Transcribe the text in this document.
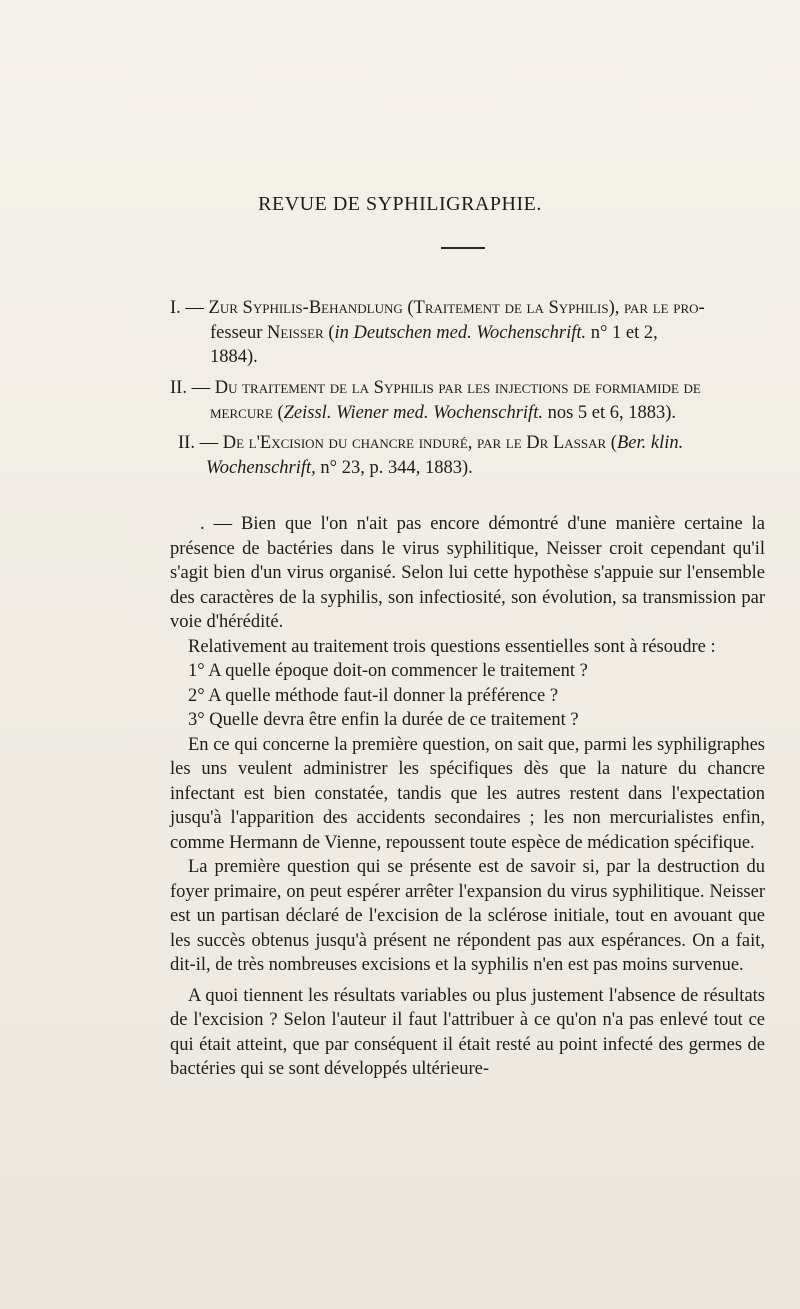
REVUE DE SYPHILIGRAPHIE.
I. — Zur Syphilis-Behandlung (Traitement de la Syphilis), par le pro-
fesseur Neisser (in Deutschen med. Wochenschrift. n° 1 et 2,
1884).
II. — Du traitement de la Syphilis par les injections de formiamide de
mercure (Zeissl. Wiener med. Wochenschrift. nos 5 et 6, 1883).
II. — De l'Excision du chancre induré, par le Dr Lassar (Ber. klin.
Wochenschrift, n° 23, p. 344, 1883).

. — Bien que l'on n'ait pas encore démontré d'une manière certaine la présence de bactéries dans le virus syphilitique, Neisser croit cependant qu'il s'agit bien d'un virus organisé. Selon lui cette hypothèse s'appuie sur l'ensemble des caractères de la syphilis, son infectiosité, son évolution, sa transmission par voie d'hérédité.

Relativement au traitement trois questions essentielles sont à résoudre :

1° A quelle époque doit-on commencer le traitement ?

2° A quelle méthode faut-il donner la préférence ?

3° Quelle devra être enfin la durée de ce traitement ?

En ce qui concerne la première question, on sait que, parmi les syphiligraphes les uns veulent administrer les spécifiques dès que la nature du chancre infectant est bien constatée, tandis que les autres restent dans l'expectation jusqu'à l'apparition des accidents secondaires ; les non mercurialistes enfin, comme Hermann de Vienne, repoussent toute espèce de médication spécifique.

La première question qui se présente est de savoir si, par la destruction du foyer primaire, on peut espérer arrêter l'expansion du virus syphilitique. Neisser est un partisan déclaré de l'excision de la sclérose initiale, tout en avouant que les succès obtenus jusqu'à présent ne répondent pas aux espérances. On a fait, dit-il, de très nombreuses excisions et la syphilis n'en est pas moins survenue.

A quoi tiennent les résultats variables ou plus justement l'absence de résultats de l'excision ? Selon l'auteur il faut l'attribuer à ce qu'on n'a pas enlevé tout ce qui était atteint, que par conséquent il était resté au point infecté des germes de bactéries qui se sont développés ultérieure-
